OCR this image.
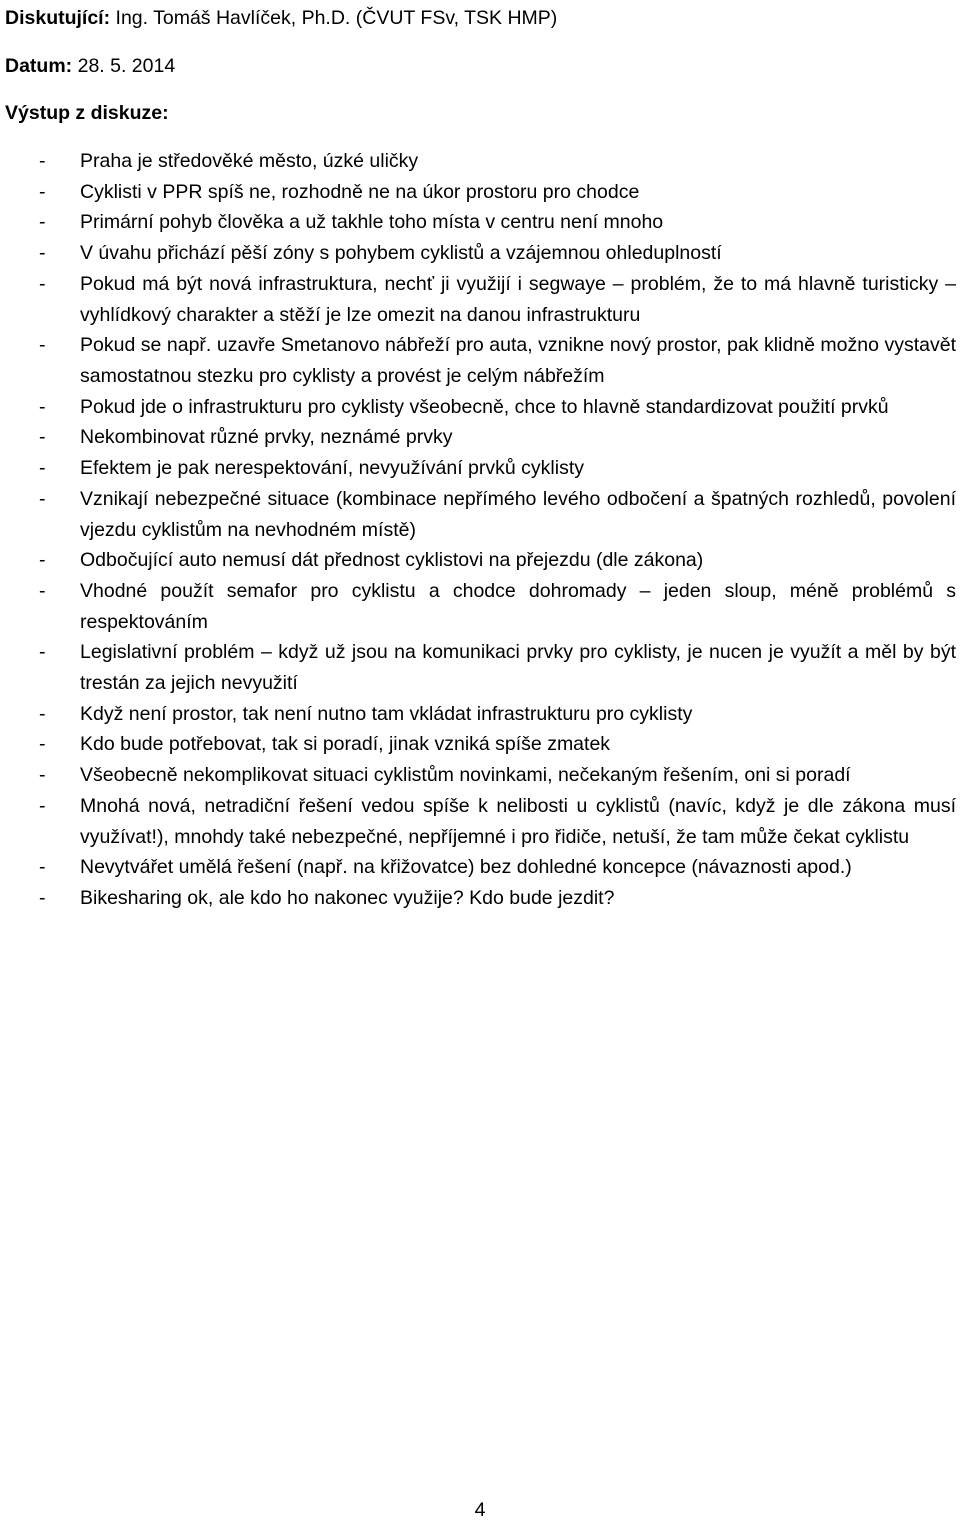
Diskutující: Ing. Tomáš Havlíček, Ph.D. (ČVUT FSv, TSK HMP)

Datum: 28. 5. 2014

Výstup z diskuze:

- Praha je středověké město, úzké uličky
- Cyklisti v PPR spíš ne, rozhodně ne na úkor prostoru pro chodce
- Primární pohyb člověka a už takhle toho místa v centru není mnoho
- V úvahu přichází pěší zóny s pohybem cyklistů a vzájemnou ohleduplností
- Pokud má být nová infrastruktura, nechť ji využijí i segwaye – problém, že to má hlavně turisticky – vyhlídkový charakter a stěží je lze omezit na danou infrastrukturu
- Pokud se např. uzavře Smetanovo nábřeží pro auta, vznikne nový prostor, pak klidně možno vystavět samostatnou stezku pro cyklisty a provést je celým nábřežím
- Pokud jde o infrastrukturu pro cyklisty všeobecně, chce to hlavně standardizovat použití prvků
- Nekombinovat různé prvky, neznámé prvky
- Efektem je pak nerespektování, nevyužívání prvků cyklisty
- Vznikají nebezpečné situace (kombinace nepřímého levého odbočení a špatných rozhledů, povolení vjezdu cyklistům na nevhodném místě)
- Odbočující auto nemusí dát přednost cyklistovi na přejezdu (dle zákona)
- Vhodné použít semafor pro cyklistu a chodce dohromady – jeden sloup, méně problémů s respektováním
- Legislativní problém – když už jsou na komunikaci prvky pro cyklisty, je nucen je využít a měl by být trestán za jejich nevyužití
- Když není prostor, tak není nutno tam vkládat infrastrukturu pro cyklisty
- Kdo bude potřebovat, tak si poradí, jinak vzniká spíše zmatek
- Všeobecně nekomplikovat situaci cyklistům novinkami, nečekaným řešením, oni si poradí
- Mnohá nová, netradiční řešení vedou spíše k nelibosti u cyklistů (navíc, když je dle zákona musí využívat!), mnohdy také nebezpečné, nepříjemné i pro řidiče, netuší, že tam může čekat cyklistu
- Nevytvářet umělá řešení (např. na křižovatce) bez dohledné koncepce (návaznosti apod.)
- Bikesharing ok, ale kdo ho nakonec využije? Kdo bude jezdit?
4
